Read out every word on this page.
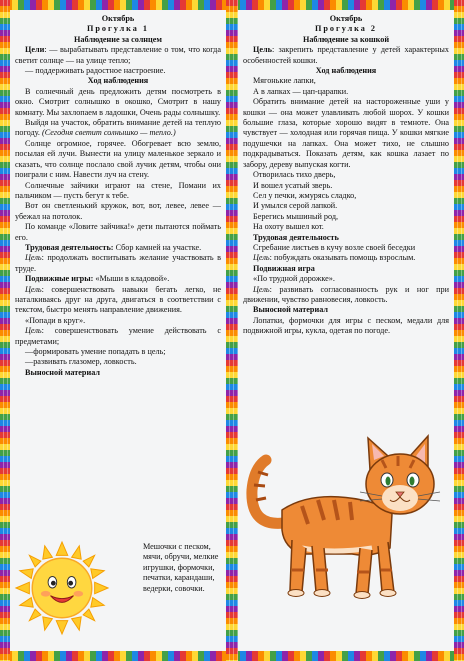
Октябрь

Прогулка 1

Наблюдение за солнцем

Цели: — вырабатывать представление о том, что когда светит солнце — на улице тепло;

— поддерживать радостное настроение.

Ход наблюдения

В солнечный день предложить детям посмотреть в окно. Смотрит солнышко в окошко, Смотрит в нашу комнату. Мы захлопаем в ладошки, Очень рады солнышку.

Выйдя на участок, обратить внимание детей на теплую погоду. (Сегодня светит солнышко — тепло.)

Солнце огромное, горячее. Обогревает всю землю, посылая ей лучи. Вынести на улицу маленькое зеркало и сказать, что солнце послало свой лучик детям, чтобы они поиграли с ним. Навести луч на стену.

Солнечные зайчики играют на стене, Помани их пальчиком — пусть бегут к тебе.

Вот он светленький кружок, вот, вот, левее, левее — убежал на потолок.

По команде «Ловите зайчика!» дети пытаются поймать его.

Трудовая деятельность: Сбор камней на участке.

Цель: продолжать воспитывать желание участвовать в труде.

Подвижные игры: «Мыши в кладовой».

Цель: совершенствовать навыки бегать легко, не наталкиваясь друг на друга, двигаться в соответствии с текстом, быстро менять направление движения.

«Попади в круг».

Цель: совершенствовать умение действовать с предметами;

—формировать умение попадать в цель;

—развивать глазомер, ловкость.

Выносной материал

Мешочки с песком, мячи, обручи, мелкие игрушки, формочки, печатки, карандаши, ведерки, совочки.

Октябрь

Прогулка 2

Наблюдение за кошкой

Цель: закрепить представление у детей характерных особенностей кошки.

Ход наблюдения

Мягонькие лапки,

А в лапках — цап-царапки.

Обратить внимание детей на настороженные уши у кошки — она может улавливать любой шорох. У кошки большие глаза, которые хорошо видят в темноте. Она чувствует — холодная или горячая пища. У кошки мягкие подушечки на лапках. Она может тихо, не слышно подкрадываться. Показать детям, как кошка лазает по забору, дереву выпуская когти.

Отворилась тихо дверь,

И вошел усатый зверь.

Сел у печки, жмурясь сладко,

И умылся серой лапкой.

Берегись мышиный род,

На охоту вышел кот.

Трудовая деятельность

Сгребание листьев в кучу возле своей беседки

Цель: побуждать оказывать помощь взрослым.

Подвижная игра

«По трудной дорожке».

Цель: развивать согласованность рук и ног при движении, чувство равновесия, ловкость.

Выносной материал

Лопатки, формочки для игры с песком, медали для подвижной игры, кукла, одетая по погоде.
